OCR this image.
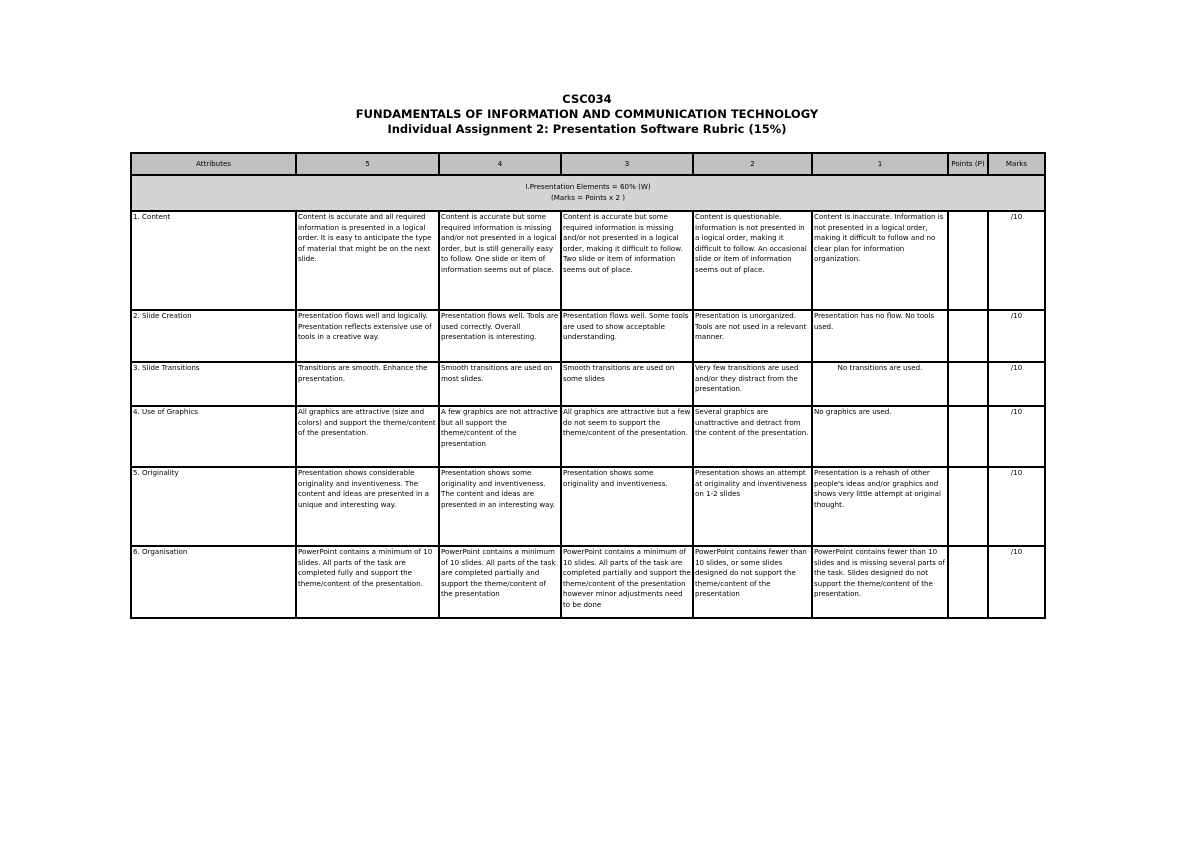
CSC034
FUNDAMENTALS OF INFORMATION AND COMMUNICATION TECHNOLOGY
Individual Assignment 2: Presentation Software Rubric (15%)
Attributes	5	4	3	2	1	Points (P)	Marks

I.Presentation Elements = 60% (W)
(Marks = Points x 2 )							

1. Content	Content is accurate and all required information is presented in a logical order. It is easy to anticipate the type of material that might be on the next slide.	Content is accurate but some required information is missing and/or not presented in a logical order, but is still generally easy to follow. One slide or item of information seems out of place.	Content is accurate but some required information is missing and/or not presented in a logical order, making it difficult to follow. Two slide or item of information seems out of place.	Content is questionable. Information is not presented in a logical order, making it difficult to follow. An occasional slide or item of information seems out of place.	Content is inaccurate. Information is not presented in a logical order, making it difficult to follow and no clear plan for information organization.		/10
2. Slide Creation	Presentation flows well and logically. Presentation reflects extensive use of tools in a creative way.	Presentation flows well. Tools are used correctly. Overall presentation is interesting.	Presentation flows well. Some tools are used to show acceptable understanding.	Presentation is unorganized. Tools are not used in a relevant manner.	Presentation has no flow. No tools used.		/10
3. Slide Transitions	Transitions are smooth. Enhance the presentation.	Smooth transitions are used on most slides.	Smooth transitions are used on some slides	Very few transitions are used and/or they distract from the presentation.	No transitions are used.		/10
4. Use of Graphics	All graphics are attractive (size and colors) and support the theme/content of the presentation.	A few graphics are not attractive but all support the theme/content of the presentation	All graphics are attractive but a few do not seem to support the theme/content of the presentation.	Several graphics are unattractive and detract from the content of the presentation.	No graphics are used.		/10
5. Originality	Presentation shows considerable originality and inventiveness. The content and ideas are presented in a unique and interesting way.	Presentation shows some originality and inventiveness. The content and ideas are presented in an interesting way.	Presentation shows some originality and inventiveness.	Presentation shows an attempt at originality and inventiveness on 1-2 slides	Presentation is a rehash of other people's ideas and/or graphics and shows very little attempt at original thought.		/10
6. Organisation	PowerPoint contains a minimum of 10 slides. All parts of the task are completed fully and support the theme/content of the presentation.	PowerPoint contains a minimum of 10 slides. All parts of the task are completed partially and support the theme/content of the presentation	PowerPoint contains a minimum of 10 slides. All parts of the task are completed partially and support the theme/content of the presentation however minor adjustments need to be done	PowerPoint contains fewer than 10 slides, or some slides designed do not support the theme/content of the presentation	PowerPoint contains fewer than 10 slides and is missing several parts of the task. Slides designed do not support the theme/content of the presentation.		/10
